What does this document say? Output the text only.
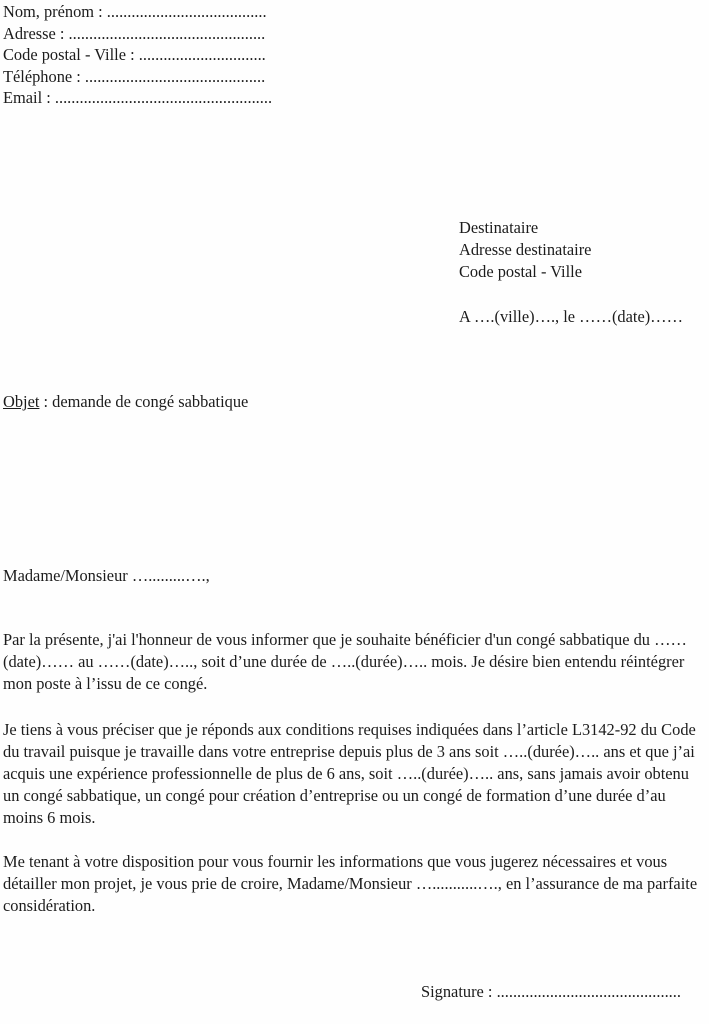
Nom, prénom : .......................................
Adresse : ................................................
Code postal - Ville : ...............................
Téléphone : ............................................
Email : .....................................................
Destinataire
Adresse destinataire
Code postal - Ville
A ….(ville)…., le ……(date)……
Objet : demande de congé sabbatique
Madame/Monsieur ….........….,

Par la présente, j'ai l'honneur de vous informer que je souhaite bénéficier d'un congé sabbatique du ……(date)…… au ……(date)….., soit d’une durée de …..(durée)….. mois. Je désire bien entendu réintégrer mon poste à l’issu de ce congé.

Je tiens à vous préciser que je réponds aux conditions requises indiquées dans l’article L3142-92 du Code du travail puisque je travaille dans votre entreprise depuis plus de 3 ans soit …..(durée)….. ans et que j’ai acquis une expérience professionnelle de plus de 6 ans, soit …..(durée)….. ans, sans jamais avoir obtenu un congé sabbatique, un congé pour création d’entreprise ou un congé de formation d’une durée d’au moins 6 mois.

Me tenant à votre disposition pour vous fournir les informations que vous jugerez nécessaires et vous détailler mon projet, je vous prie de croire, Madame/Monsieur …...........…., en l’assurance de ma parfaite considération.

Signature : .............................................
